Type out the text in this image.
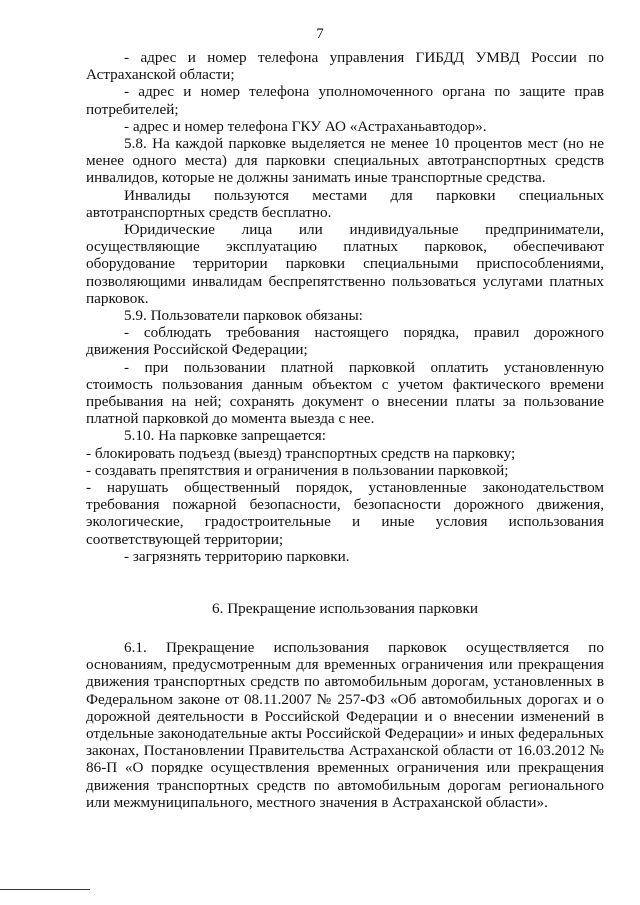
7

- адрес и номер телефона управления ГИБДД УМВД России по Астраханской области;

- адрес и номер телефона уполномоченного органа по защите прав потребителей;

- адрес и номер телефона ГКУ АО «Астраханьавтодор».

5.8. На каждой парковке выделяется не менее 10 процентов мест (но не менее одного места) для парковки специальных автотранспортных средств инвалидов, которые не должны занимать иные транспортные средства.

Инвалиды пользуются местами для парковки специальных автотранспортных средств бесплатно.

Юридические лица или индивидуальные предприниматели, осуществляющие эксплуатацию платных парковок, обеспечивают оборудование территории парковки специальными приспособлениями, позволяющими инвалидам беспрепятственно пользоваться услугами платных парковок.

5.9. Пользователи парковок обязаны:

- соблюдать требования настоящего порядка, правил дорожного движения Российской Федерации;

- при пользовании платной парковкой оплатить установленную стоимость пользования данным объектом с учетом фактического времени пребывания на ней; сохранять документ о внесении платы за пользование платной парковкой до момента выезда с нее.

5.10. На парковке запрещается:

- блокировать подъезд (выезд) транспортных средств на парковку;

- создавать препятствия и ограничения в пользовании парковкой;

- нарушать общественный порядок, установленные законодательством требования пожарной безопасности, безопасности дорожного движения, экологические, градостроительные и иные условия использования соответствующей территории;

- загрязнять территорию парковки.

6. Прекращение использования парковки

6.1. Прекращение использования парковок осуществляется по основаниям, предусмотренным для временных ограничения или прекращения движения транспортных средств по автомобильным дорогам, установленных в Федеральном законе от 08.11.2007 № 257-ФЗ «Об автомобильных дорогах и о дорожной деятельности в Российской Федерации и о внесении изменений в отдельные законодательные акты Российской Федерации» и иных федеральных законах, Постановлении Правительства Астраханской области от 16.03.2012 № 86-П «О порядке осуществления временных ограничения или прекращения движения транспортных средств по автомобильным дорогам регионального или межмуниципального, местного значения в Астраханской области».
